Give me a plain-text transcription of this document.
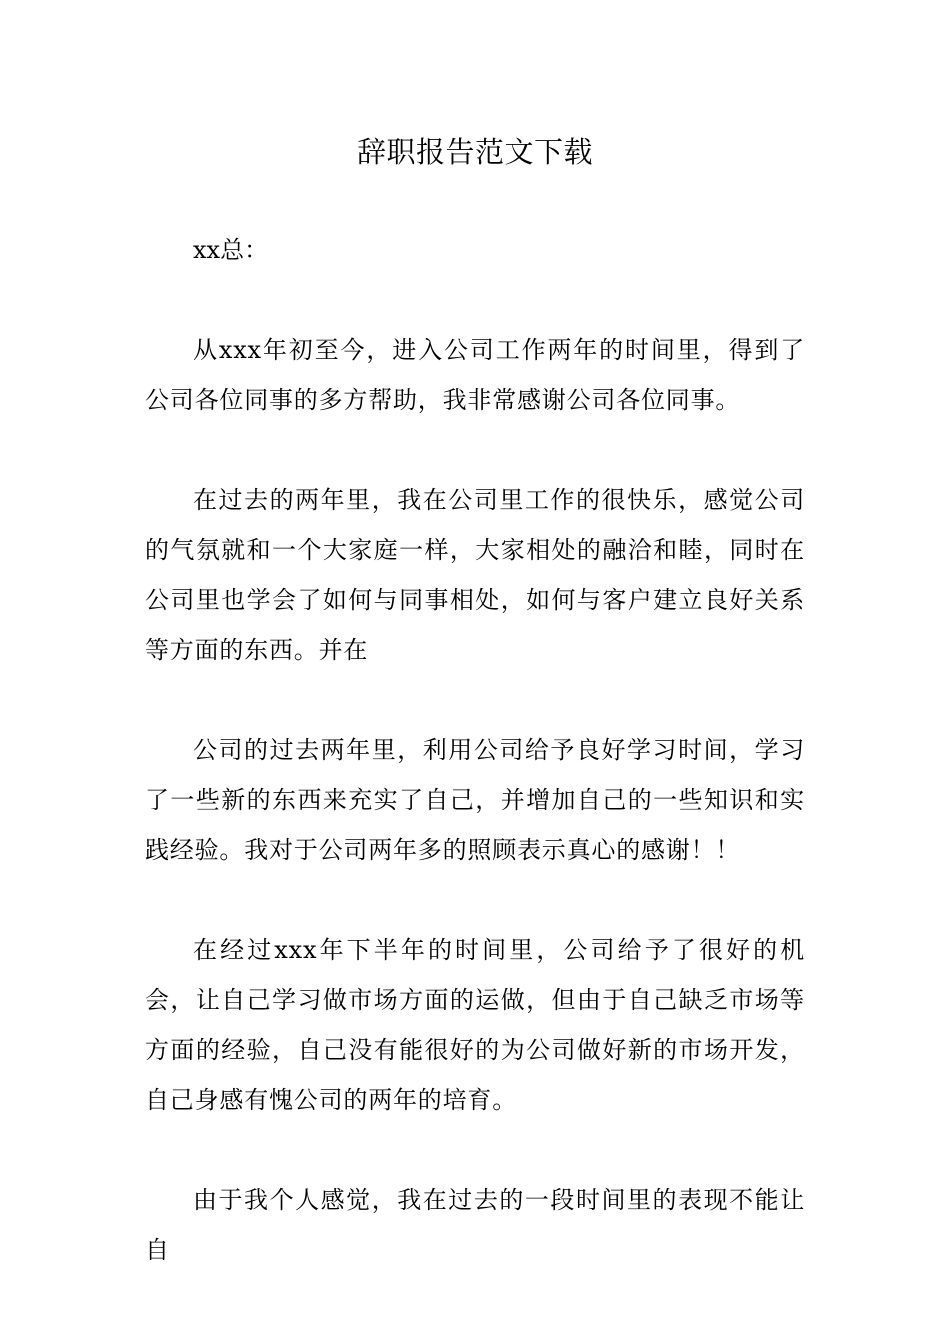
辞职报告范文下载

xx总：

从xxx年初至今，进入公司工作两年的时间里，得到了公司各位同事的多方帮助，我非常感谢公司各位同事。

在过去的两年里，我在公司里工作的很快乐，感觉公司的气氛就和一个大家庭一样，大家相处的融洽和睦，同时在公司里也学会了如何与同事相处，如何与客户建立良好关系等方面的东西。并在

公司的过去两年里，利用公司给予良好学习时间，学习了一些新的东西来充实了自己，并增加自己的一些知识和实践经验。我对于公司两年多的照顾表示真心的感谢！！

在经过xxx年下半年的时间里，公司给予了很好的机会，让自己学习做市场方面的运做，但由于自己缺乏市场等方面的经验，自己没有能很好的为公司做好新的市场开发，自己身感有愧公司的两年的培育。

由于我个人感觉，我在过去的一段时间里的表现不能让自
